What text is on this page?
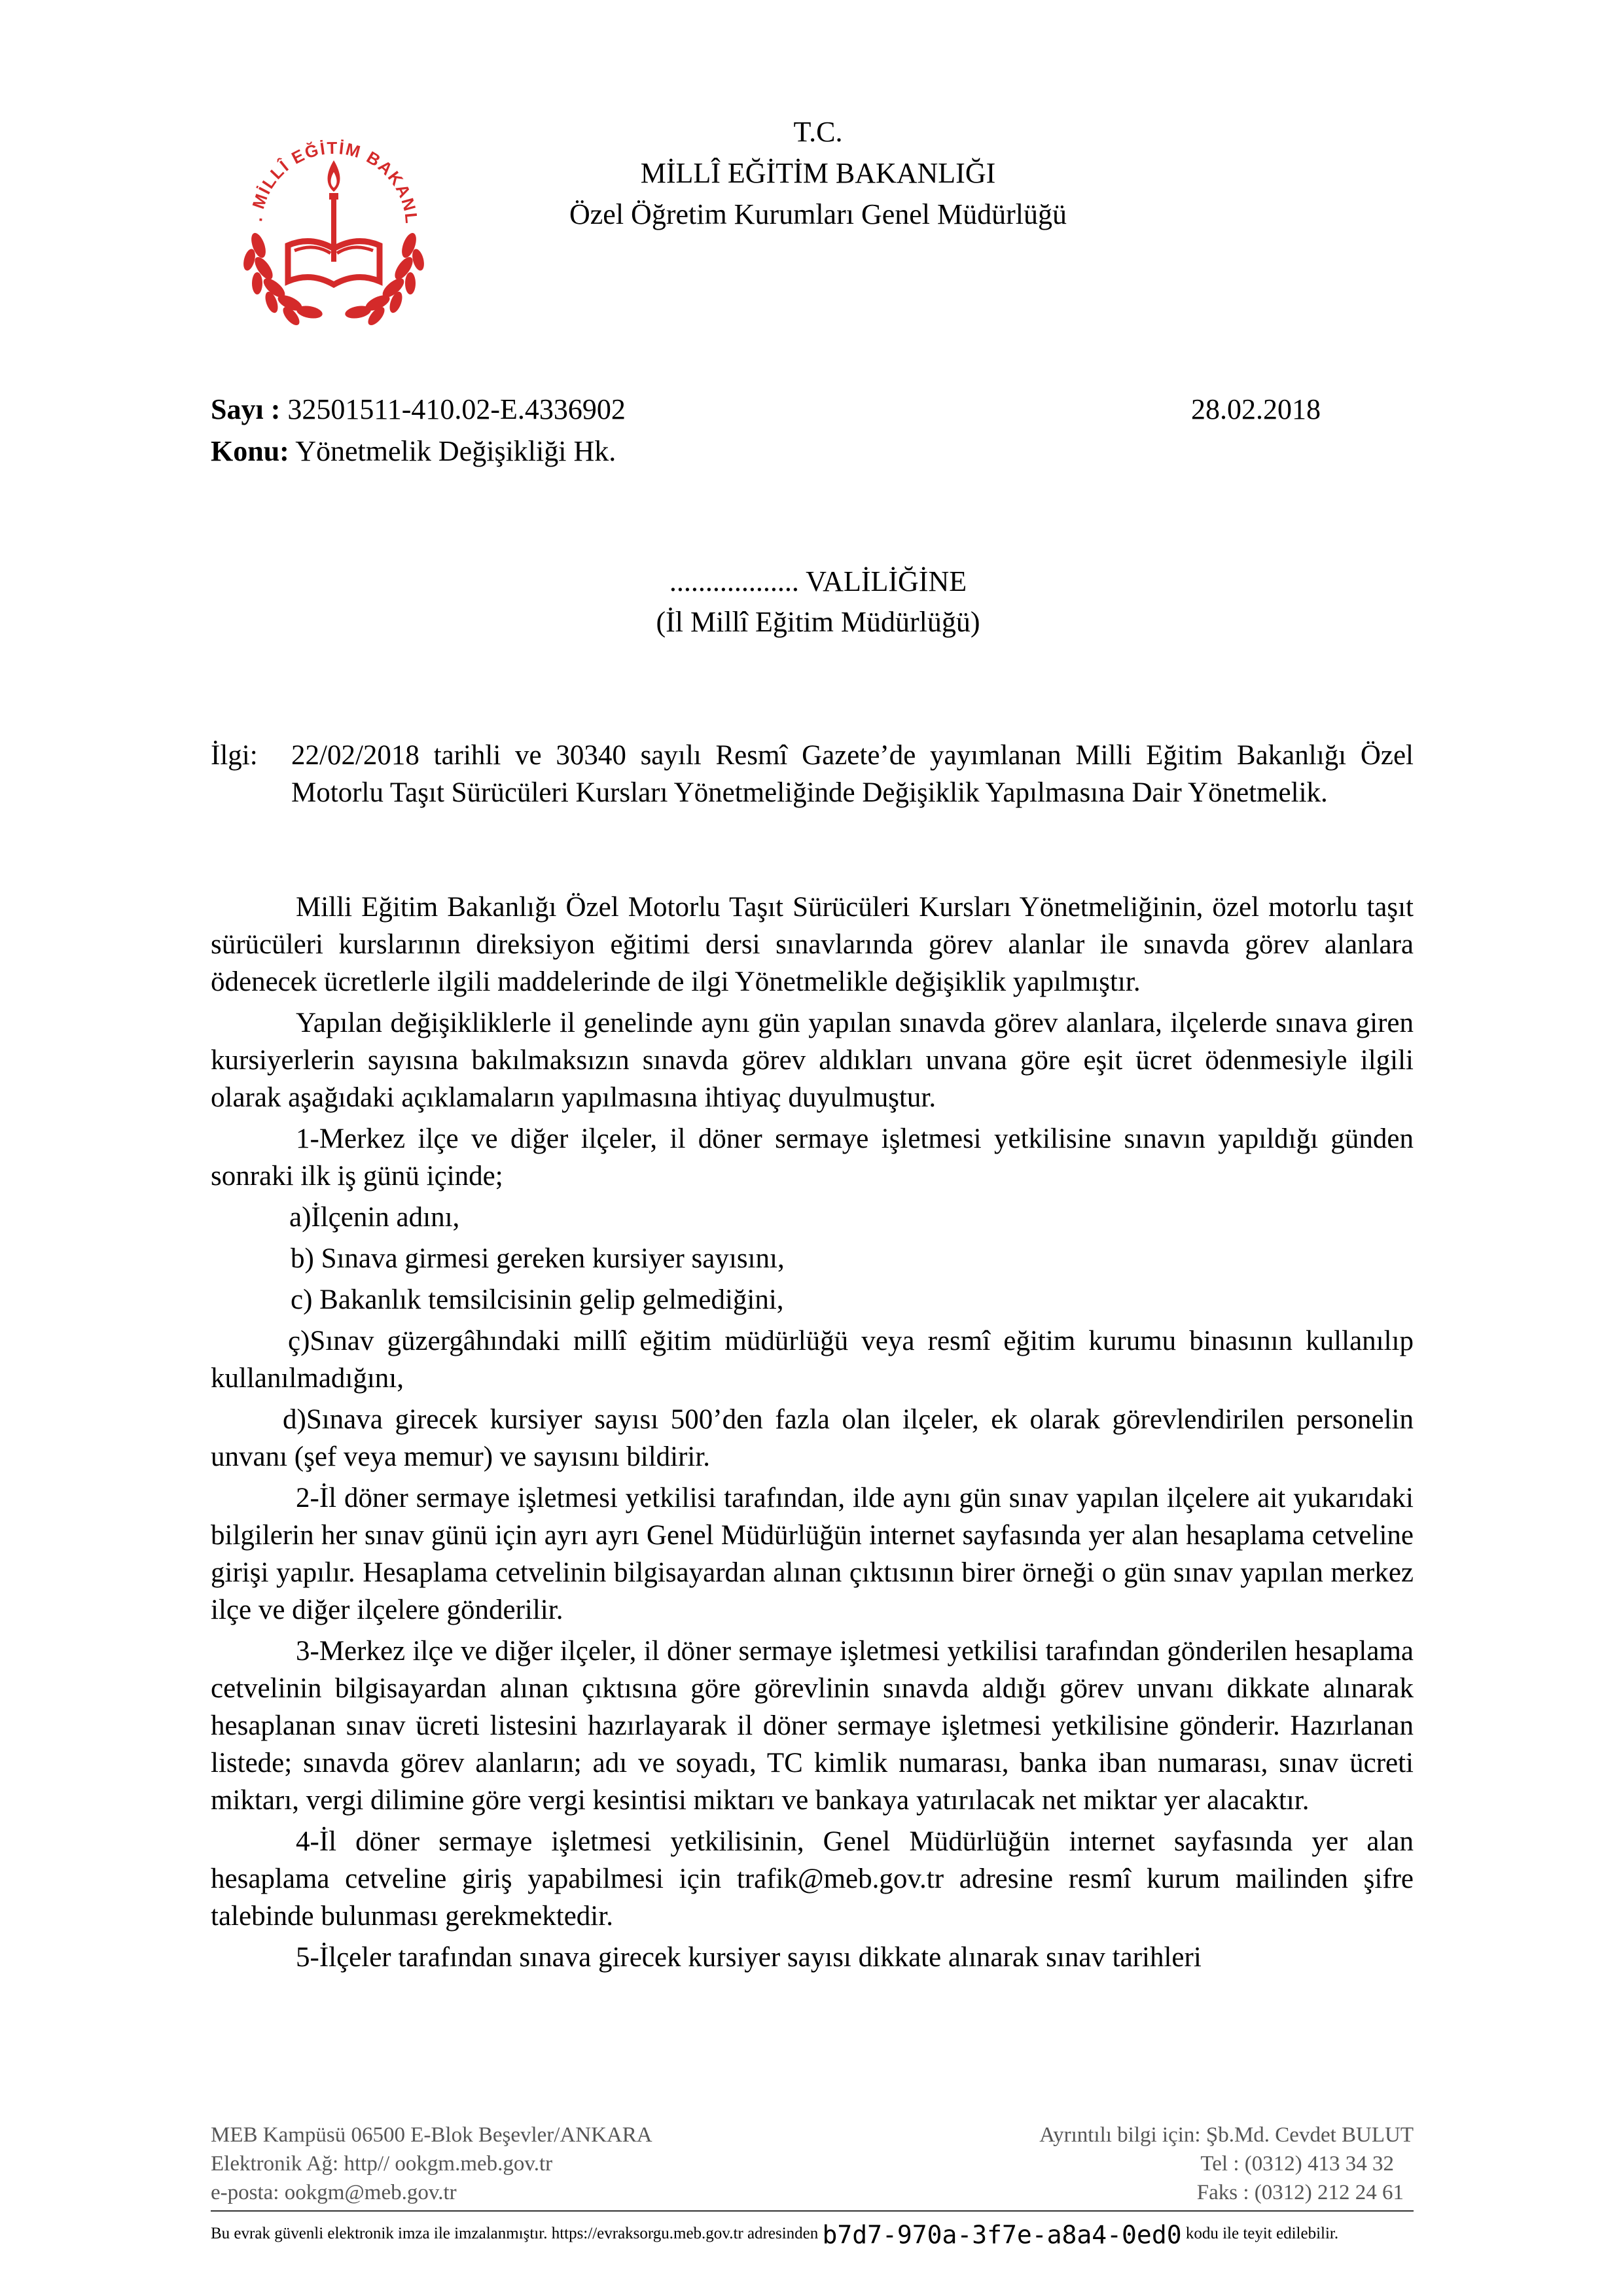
. MİLLÎ EĞİTİM BAKANL
T.C.
MİLLÎ EĞİTİM BAKANLIĞI
Özel Öğretim Kurumları Genel Müdürlüğü
Sayı : 32501511-410.02-E.4336902	28.02.2018
Konu: Yönetmelik Değişikliği Hk.
.................. VALİLİĞİNE
(İl Millî Eğitim Müdürlüğü)
İlgi: 22/02/2018 tarihli ve 30340 sayılı Resmî Gazete’de yayımlanan Milli Eğitim Bakanlığı Özel Motorlu Taşıt Sürücüleri Kursları Yönetmeliğinde Değişiklik Yapılmasına Dair Yönetmelik.

Milli Eğitim Bakanlığı Özel Motorlu Taşıt Sürücüleri Kursları Yönetmeliğinin, özel motorlu taşıt sürücüleri kurslarının direksiyon eğitimi dersi sınavlarında görev alanlar ile sınavda görev alanlara ödenecek ücretlerle ilgili maddelerinde de ilgi Yönetmelikle değişiklik yapılmıştır.

Yapılan değişikliklerle il genelinde aynı gün yapılan sınavda görev alanlara, ilçelerde sınava giren kursiyerlerin sayısına bakılmaksızın sınavda görev aldıkları unvana göre eşit ücret ödenmesiyle ilgili olarak aşağıdaki açıklamaların yapılmasına ihtiyaç duyulmuştur.

1-Merkez ilçe ve diğer ilçeler, il döner sermaye işletmesi yetkilisine sınavın yapıldığı günden sonraki ilk iş günü içinde;

a)İlçenin adını,

b) Sınava girmesi gereken kursiyer sayısını,

c) Bakanlık temsilcisinin gelip gelmediğini,

ç)Sınav güzergâhındaki millî eğitim müdürlüğü veya resmî eğitim kurumu binasının kullanılıp kullanılmadığını,

d)Sınava girecek kursiyer sayısı 500’den fazla olan ilçeler, ek olarak görevlendirilen personelin unvanı (şef veya memur) ve sayısını bildirir.

2-İl döner sermaye işletmesi yetkilisi tarafından, ilde aynı gün sınav yapılan ilçelere ait yukarıdaki bilgilerin her sınav günü için ayrı ayrı Genel Müdürlüğün internet sayfasında yer alan hesaplama cetveline girişi yapılır. Hesaplama cetvelinin bilgisayardan alınan çıktısının birer örneği o gün sınav yapılan merkez ilçe ve diğer ilçelere gönderilir.

3-Merkez ilçe ve diğer ilçeler, il döner sermaye işletmesi yetkilisi tarafından gönderilen hesaplama cetvelinin bilgisayardan alınan çıktısına göre görevlinin sınavda aldığı görev unvanı dikkate alınarak hesaplanan sınav ücreti listesini hazırlayarak il döner sermaye işletmesi yetkilisine gönderir. Hazırlanan listede; sınavda görev alanların; adı ve soyadı, TC kimlik numarası, banka iban numarası, sınav ücreti miktarı, vergi dilimine göre vergi kesintisi miktarı ve bankaya yatırılacak net miktar yer alacaktır.

4-İl döner sermaye işletmesi yetkilisinin, Genel Müdürlüğün internet sayfasında yer alan hesaplama cetveline giriş yapabilmesi için trafik@meb.gov.tr adresine resmî kurum mailinden şifre talebinde bulunması gerekmektedir.

5-İlçeler tarafından sınava girecek kursiyer sayısı dikkate alınarak sınav tarihleri

MEB Kampüsü 06500 E-Blok Beşevler/ANKARA
Elektronik Ağ: http// ookgm.meb.gov.tr
e-posta: ookgm@meb.gov.tr
Ayrıntılı bilgi için: Şb.Md. Cevdet BULUT
Tel : (0312) 413 34 32
Faks : (0312) 212 24 61
Bu evrak güvenli elektronik imza ile imzalanmıştır. https://evraksorgu.meb.gov.tr adresinden b7d7-970a-3f7e-a8a4-0ed0 kodu ile teyit edilebilir.
